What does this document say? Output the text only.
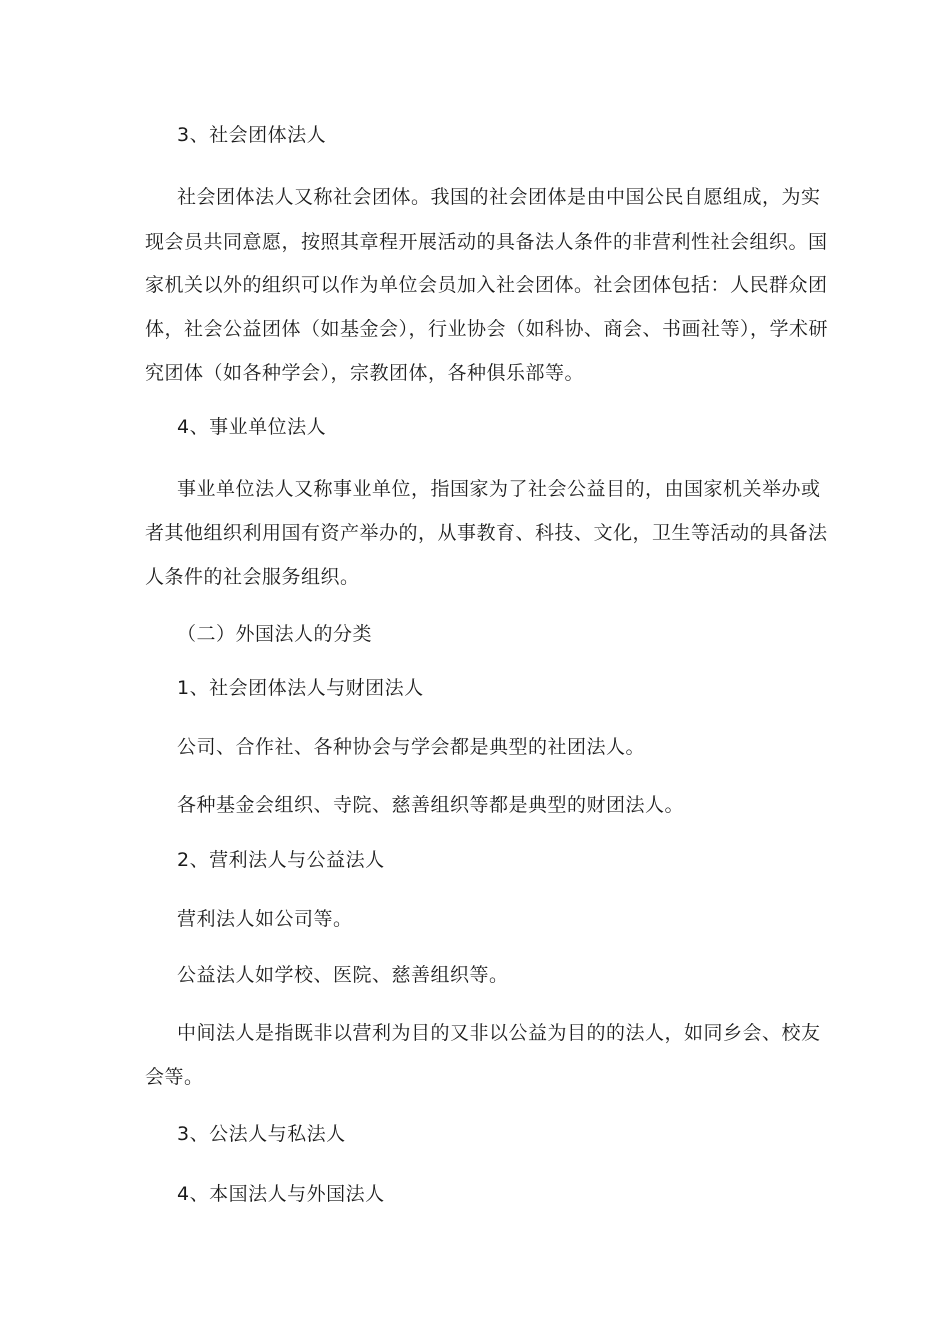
3、社会团体法人
社会团体法人又称社会团体。我国的社会团体是由中国公民自愿组成，为实
现会员共同意愿，按照其章程开展活动的具备法人条件的非营利性社会组织。国
家机关以外的组织可以作为单位会员加入社会团体。社会团体包括：人民群众团
体，社会公益团体（如基金会），行业协会（如科协、商会、书画社等），学术研
究团体（如各种学会），宗教团体，各种俱乐部等。
4、事业单位法人
事业单位法人又称事业单位，指国家为了社会公益目的，由国家机关举办或
者其他组织利用国有资产举办的，从事教育、科技、文化，卫生等活动的具备法
人条件的社会服务组织。
（二）外国法人的分类
1、社会团体法人与财团法人
公司、合作社、各种协会与学会都是典型的社团法人。
各种基金会组织、寺院、慈善组织等都是典型的财团法人。
2、营利法人与公益法人
营利法人如公司等。
公益法人如学校、医院、慈善组织等。
中间法人是指既非以营利为目的又非以公益为目的的法人，如同乡会、校友
会等。
3、公法人与私法人
4、本国法人与外国法人
